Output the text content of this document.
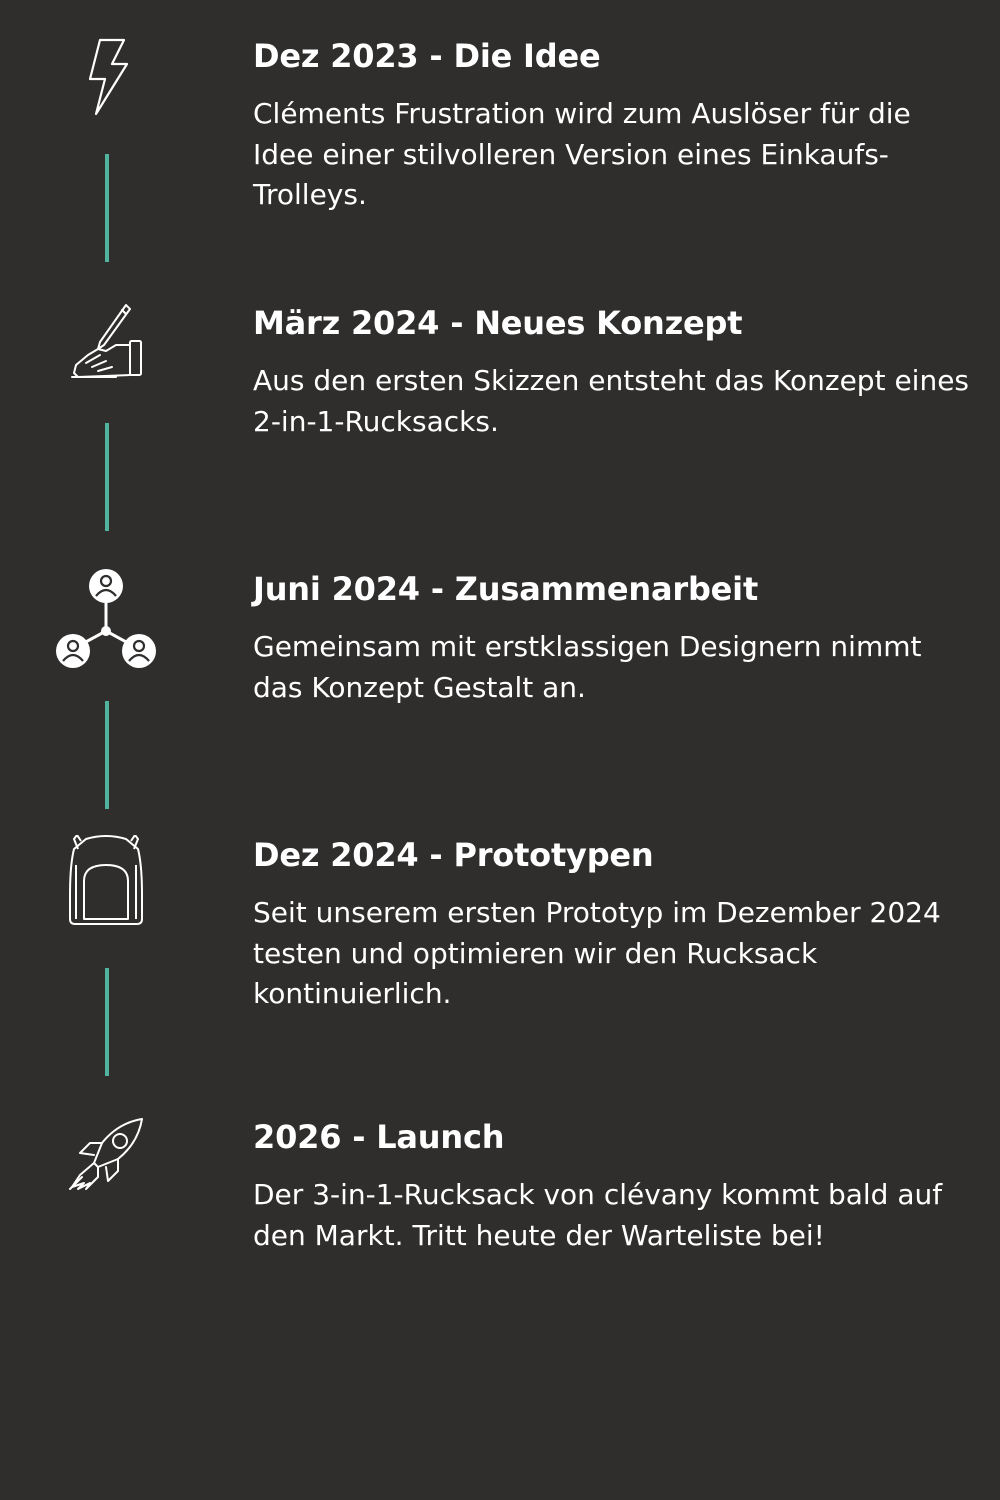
Dez 2023 - Die Idee

Cléments Frustration wird zum Auslöser für die Idee einer stilvolleren Version eines Einkaufs-Trolleys.

März 2024 - Neues Konzept

Aus den ersten Skizzen entsteht das Konzept eines 2-in-1-Rucksacks.

Juni 2024 - Zusammenarbeit

Gemeinsam mit erstklassigen Designern nimmt das Konzept Gestalt an.

Dez 2024 - Prototypen

Seit unserem ersten Prototyp im Dezember 2024 testen und optimieren wir den Rucksack kontinuierlich.

2026 - Launch

Der 3-in-1-Rucksack von clévany kommt bald auf den Markt. Tritt heute der Warteliste bei!
